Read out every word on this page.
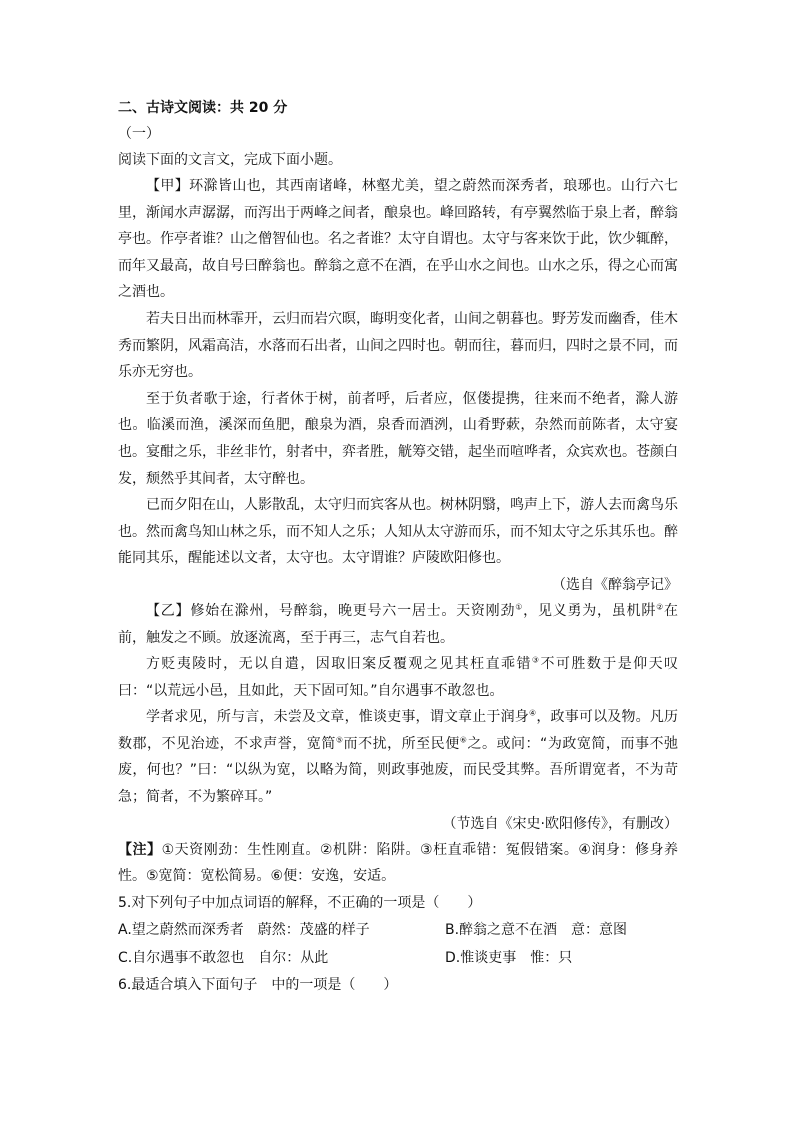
二、古诗文阅读：共 20 分
（一）
阅读下面的文言文，完成下面小题。
【甲】环滁皆山也，其西南诸峰，林壑尤美，望之蔚然而深秀者，琅琊也。山行六七里，渐闻水声潺潺，而泻出于两峰之间者，酿泉也。峰回路转，有亭翼然临于泉上者，醉翁亭也。作亭者谁？山之僧智仙也。名之者谁？太守自谓也。太守与客来饮于此，饮少辄醉，而年又最高，故自号曰醉翁也。醉翁之意不在酒，在乎山水之间也。山水之乐，得之心而寓之酒也。
若夫日出而林霏开，云归而岩穴暝，晦明变化者，山间之朝暮也。野芳发而幽香，佳木秀而繁阴，风霜高洁，水落而石出者，山间之四时也。朝而往，暮而归，四时之景不同，而乐亦无穷也。
至于负者歌于途，行者休于树，前者呼，后者应，伛偻提携，往来而不绝者，滁人游也。临溪而渔，溪深而鱼肥，酿泉为酒，泉香而酒洌，山肴野蔌，杂然而前陈者，太守宴也。宴酣之乐，非丝非竹，射者中，弈者胜，觥筹交错，起坐而喧哗者，众宾欢也。苍颜白发，颓然乎其间者，太守醉也。
已而夕阳在山，人影散乱，太守归而宾客从也。树林阴翳，鸣声上下，游人去而禽鸟乐也。然而禽鸟知山林之乐，而不知人之乐；人知从太守游而乐，而不知太守之乐其乐也。醉能同其乐，醒能述以文者，太守也。太守谓谁？庐陵欧阳修也。
（选自《醉翁亭记》
【乙】修始在滁州，号醉翁，晚更号六一居士。天资刚劲①，见义勇为，虽机阱②在前，触发之不顾。放逐流离，至于再三，志气自若也。
方贬夷陵时，无以自遣，因取旧案反覆观之见其枉直乖错③不可胜数于是仰天叹曰：“以荒远小邑，且如此，天下固可知。”自尔遇事不敢忽也。
学者求见，所与言，未尝及文章，惟谈吏事，谓文章止于润身④，政事可以及物。凡历数郡，不见治迹，不求声誉，宽简⑤而不扰，所至民便⑥之。或问：“为政宽简，而事不弛废，何也？”曰：“以纵为宽，以略为简，则政事弛废，而民受其弊。吾所谓宽者，不为苛急；简者，不为繁碎耳。”
（节选自《宋史·欧阳修传》，有删改）
【注】①天资刚劲：生性刚直。②机阱：陷阱。③枉直乖错：冤假错案。④润身：修身养性。⑤宽简：宽松简易。⑥便：安逸，安适。
5.对下列句子中加点词语的解释，不正确的一项是（　　）
A.望之蔚然而深秀者　蔚然：茂盛的样子	B.醉翁之意不在酒　意：意图
C.自尔遇事不敢忽也　自尔：从此	D.惟谈吏事　惟：只
6.最适合填入下面句子　中的一项是（　　）
